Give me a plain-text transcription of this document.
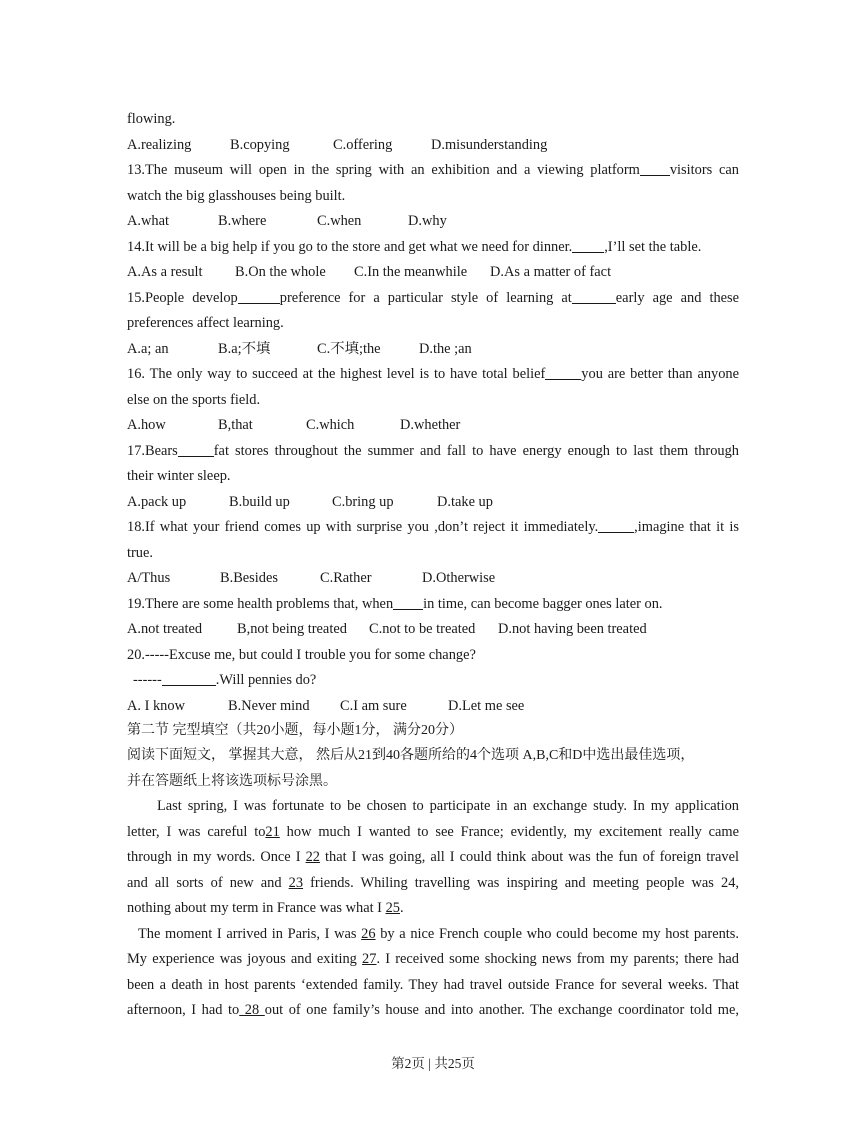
flowing.
A.realizing	B.copying	C.offering	D.misunderstanding
13.The museum will open in the spring with an exhibition and a viewing platform visitors can
watch the big glasshouses being built.
A.what	B.where	C.when	D.why
14.It will be a big help if you go to the store and get what we need for dinner. ,I’ll set the table.
A.As a result	B.On the whole	C.In the meanwhile	D.As a matter of fact
15.People develop	preference for a particular style of learning at	early age and these
preferences affect learning.
A.a; an	B.a;不填	C.不填;the	D.the ;an
16. The only way to succeed at the highest level is to have total belief	you are better than anyone
else on the sports field.
A.how	B,that	C.which	D.whether
17.Bears	fat stores throughout the summer and fall to have energy enough to last them through
their winter sleep.
A.pack up	B.build up	C.bring up	D.take up
18.If what your friend comes up with surprise you ,don’t reject it immediately.	,imagine that it is
true.
A/Thus	B.Besides	C.Rather	D.Otherwise
19.There are some health problems that, when in time, can become bagger ones later on.
A.not treated	B,not being treated	C.not to be treated	D.not having been treated
20.-----Excuse me, but could I trouble you for some change?
------	.Will pennies do?
A. I know	B.Never mind	C.I am sure	D.Let me see
第二节 完型填空（共20小题，每小题1分， 满分20分）
阅读下面短文， 掌握其大意， 然后从21到40各题所给的4个选项 A,B,C和D中选出最佳选项，
并在答题纸上将该选项标号涂黑。
Last spring, I was fortunate to be chosen to participate in an exchange study. In my application
letter, I was careful to21 how much I wanted to see France; evidently, my excitement really came
through in my words. Once I 22 that I was going, all I could think about was the fun of foreign travel
and all sorts of new and 23 friends. Whiling travelling was inspiring and meeting people was 24,
nothing about my term in France was what I 25.
The moment I arrived in Paris, I was 26 by a nice French couple who could become my host parents.
My experience was joyous and exiting 27. I received some shocking news from my parents; there had
been a death in host parents ‘extended family. They had travel outside France for several weeks. That
afternoon, I had to 28 out of one family’s house and into another. The exchange coordinator told me,
第2页 | 共25页
